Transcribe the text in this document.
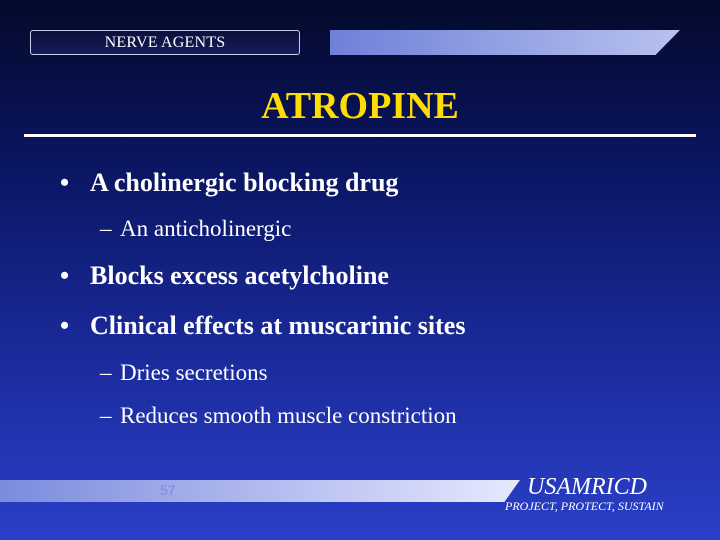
NERVE AGENTS
ATROPINE
• A cholinergic blocking drug
– An anticholinergic
• Blocks excess acetylcholine
• Clinical effects at muscarinic sites
– Dries secretions
– Reduces smooth muscle constriction
57	USAMRICD
PROJECT, PROTECT, SUSTAIN
